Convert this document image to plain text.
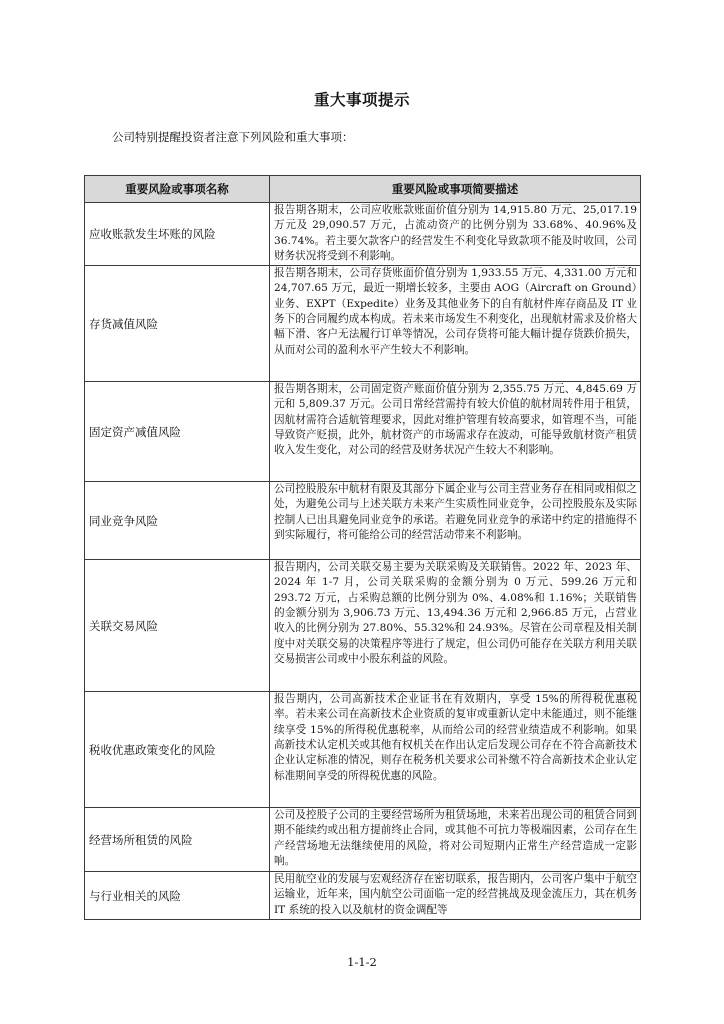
重大事项提示
公司特别提醒投资者注意下列风险和重大事项：
重要风险或事项名称	重要风险或事项简要描述
应收账款发生坏账的风险	报告期各期末，公司应收账款账面价值分别为 14,915.80 万元、25,017.19 万元及 29,090.57 万元，占流动资产的比例分别为 33.68%、40.96%及 36.74%。若主要欠款客户的经营发生不利变化导致款项不能及时收回，公司财务状况将受到不利影响。
存货减值风险	报告期各期末，公司存货账面价值分别为 1,933.55 万元、4,331.00 万元和 24,707.65 万元，最近一期增长较多，主要由 AOG（Aircraft on Ground）业务、EXPT（Expedite）业务及其他业务下的自有航材件库存商品及 IT 业务下的合同履约成本构成。若未来市场发生不利变化，出现航材需求及价格大幅下滑、客户无法履行订单等情况，公司存货将可能大幅计提存货跌价损失，从而对公司的盈利水平产生较大不利影响。
固定资产减值风险	报告期各期末，公司固定资产账面价值分别为 2,355.75 万元、4,845.69 万元和 5,809.37 万元。公司日常经营需持有较大价值的航材周转件用于租赁，因航材需符合适航管理要求，因此对维护管理有较高要求，如管理不当，可能导致资产贬损，此外，航材资产的市场需求存在波动，可能导致航材资产租赁收入发生变化，对公司的经营及财务状况产生较大不利影响。
同业竞争风险	公司控股股东中航材有限及其部分下属企业与公司主营业务存在相同或相似之处，为避免公司与上述关联方未来产生实质性同业竞争，公司控股股东及实际控制人已出具避免同业竞争的承诺。若避免同业竞争的承诺中约定的措施得不到实际履行，将可能给公司的经营活动带来不利影响。
关联交易风险	报告期内，公司关联交易主要为关联采购及关联销售。2022 年、2023 年、2024 年 1-7 月，公司关联采购的金额分别为 0 万元、599.26 万元和 293.72 万元，占采购总额的比例分别为 0%、4.08%和 1.16%；关联销售的金额分别为 3,906.73 万元、13,494.36 万元和 2,966.85 万元，占营业收入的比例分别为 27.80%、55.32%和 24.93%。尽管在公司章程及相关制度中对关联交易的决策程序等进行了规定，但公司仍可能存在关联方利用关联交易损害公司或中小股东利益的风险。
税收优惠政策变化的风险	报告期内，公司高新技术企业证书在有效期内，享受 15%的所得税优惠税率。若未来公司在高新技术企业资质的复审或重新认定中未能通过，则不能继续享受 15%的所得税优惠税率，从而给公司的经营业绩造成不利影响。如果高新技术认定机关或其他有权机关在作出认定后发现公司存在不符合高新技术企业认定标准的情况，则存在税务机关要求公司补缴不符合高新技术企业认定标准期间享受的所得税优惠的风险。
经营场所租赁的风险	公司及控股子公司的主要经营场所为租赁场地，未来若出现公司的租赁合同到期不能续约或出租方提前终止合同，或其他不可抗力等极端因素，公司存在生产经营场地无法继续使用的风险，将对公司短期内正常生产经营造成一定影响。
与行业相关的风险	民用航空业的发展与宏观经济存在密切联系，报告期内，公司客户集中于航空运输业，近年来，国内航空公司面临一定的经营挑战及现金流压力，其在机务 IT 系统的投入以及航材的资金调配等
1-1-2
